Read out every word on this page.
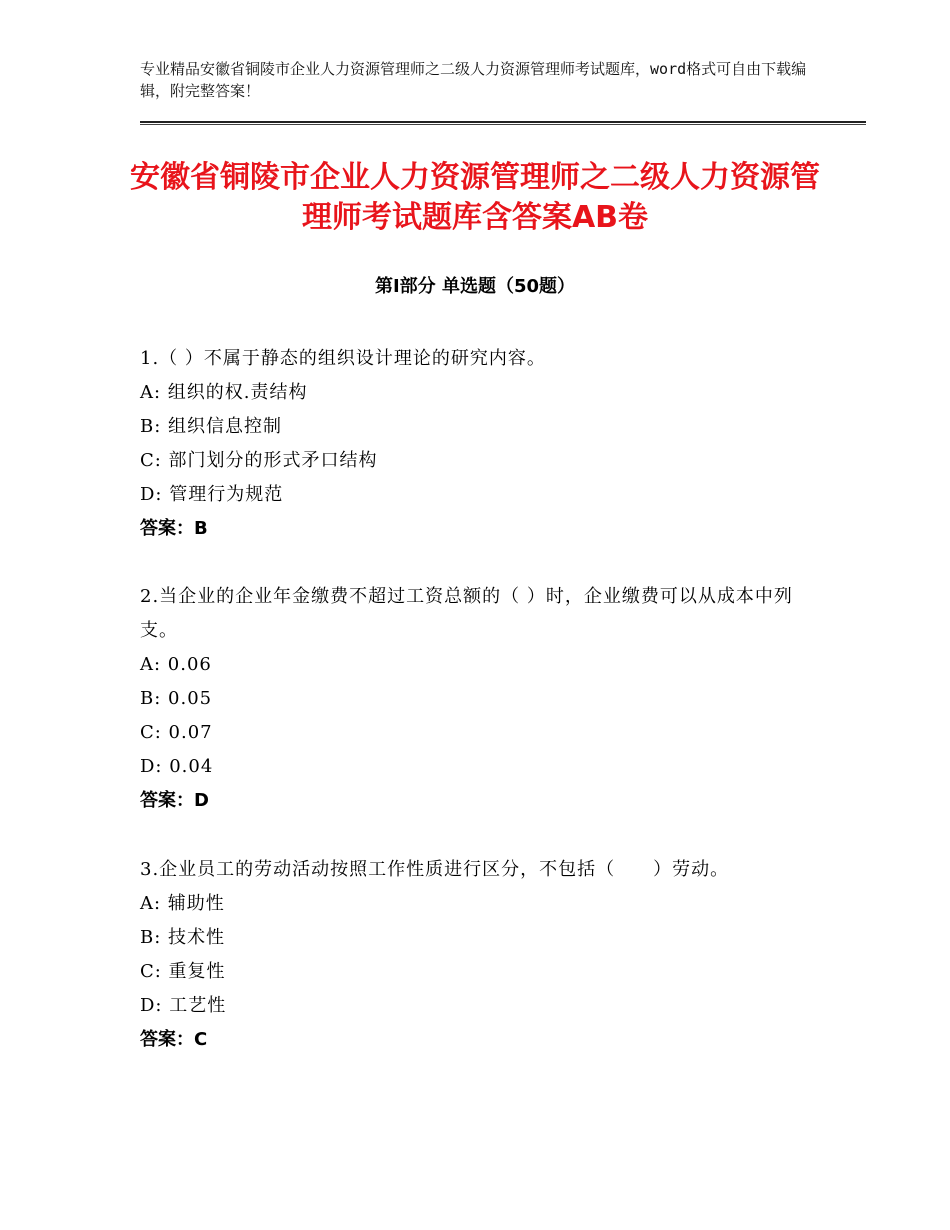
专业精品安徽省铜陵市企业人力资源管理师之二级人力资源管理师考试题库，word格式可自由下载编辑，附完整答案！
安徽省铜陵市企业人力资源管理师之二级人力资源管理师考试题库含答案AB卷
第Ⅰ部分 单选题（50题）
1.（ ）不属于静态的组织设计理论的研究内容。
A: 组织的权.责结构
B: 组织信息控制
C: 部门划分的形式矛口结构
D: 管理行为规范
答案：B
2.当企业的企业年金缴费不超过工资总额的（ ）时，企业缴费可以从成本中列支。
A: 0.06
B: 0.05
C: 0.07
D: 0.04
答案：D
3.企业员工的劳动活动按照工作性质进行区分，不包括（　　）劳动。
A: 辅助性
B: 技术性
C: 重复性
D: 工艺性
答案：C
